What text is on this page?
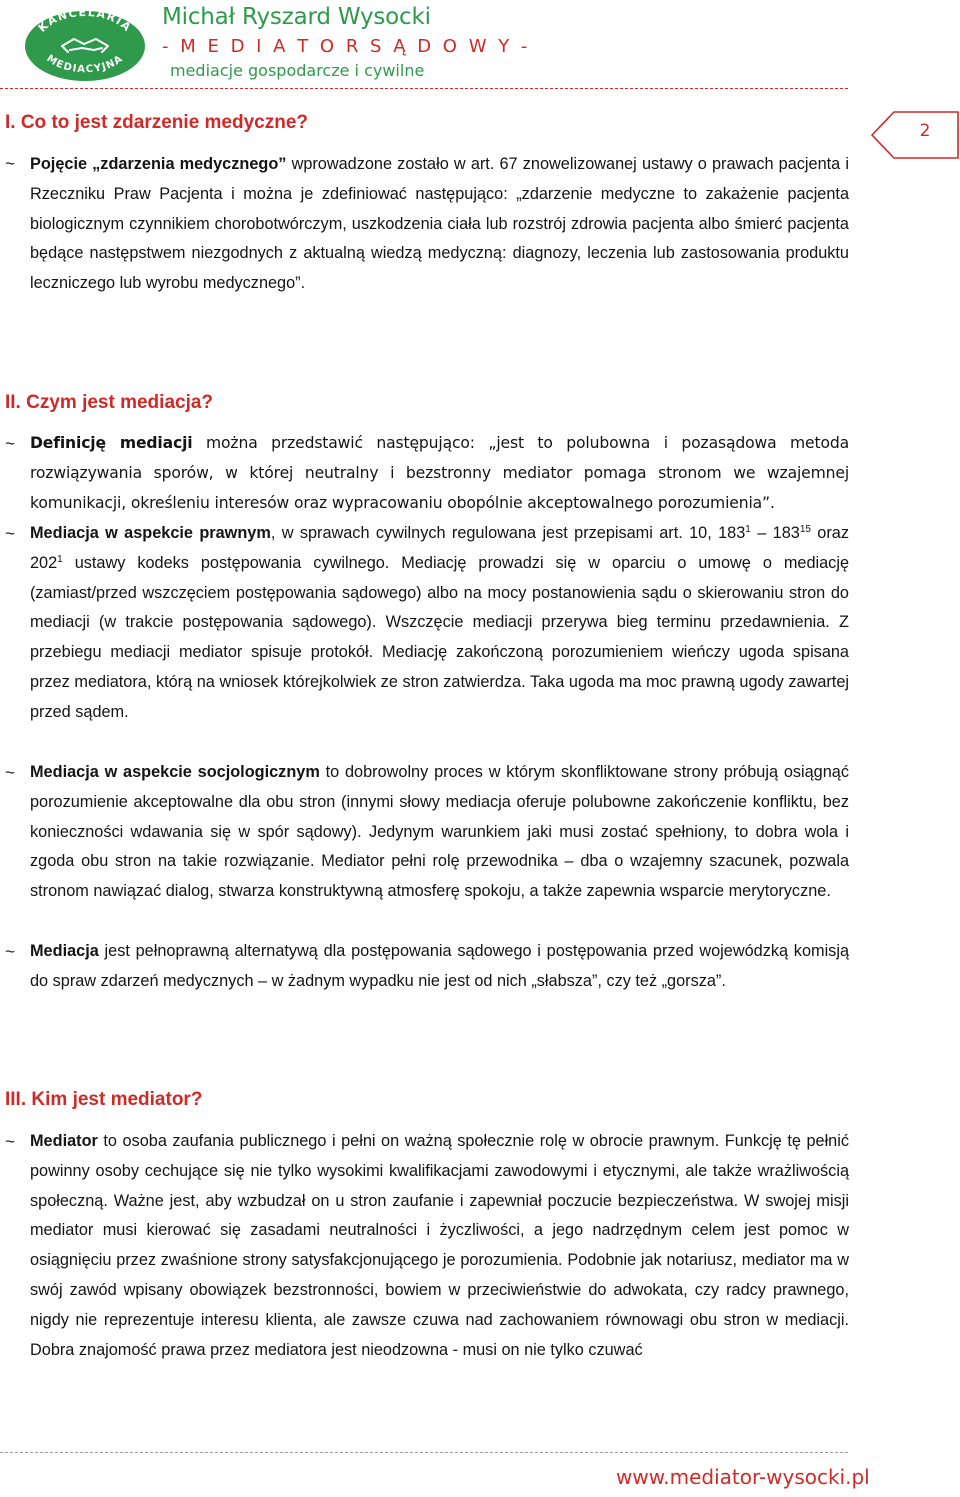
KANCELARIA
MEDIACYJNA
Michał Ryszard Wysocki
- M E D I A T O R S Ą D O W Y -
mediacje gospodarcze i cywilne
2
I. Co to jest zdarzenie medyczne?
~ Pojęcie „zdarzenia medycznego” wprowadzone zostało w art. 67 znowelizowanej ustawy o prawach pacjenta i Rzeczniku Praw Pacjenta i można je zdefiniować następująco: „zdarzenie medyczne to zakażenie pacjenta biologicznym czynnikiem chorobotwórczym, uszkodzenia ciała lub rozstrój zdrowia pacjenta albo śmierć pacjenta będące następstwem niezgodnych z aktualną wiedzą medyczną: diagnozy, leczenia lub zastosowania produktu leczniczego lub wyrobu medycznego”.
II. Czym jest mediacja?
~ Definicję mediacji można przedstawić następująco: „jest to polubowna i pozasądowa metoda rozwiązywania sporów, w której neutralny i bezstronny mediator pomaga stronom we wzajemnej komunikacji, określeniu interesów oraz wypracowaniu obopólnie akceptowalnego porozumienia”.
~ Mediacja w aspekcie prawnym, w sprawach cywilnych regulowana jest przepisami art. 10, $183^1 - 183^{15}$ oraz $202^1$ ustawy kodeks postępowania cywilnego. Mediację prowadzi się w oparciu o umowę o mediację (zamiast/przed wszczęciem postępowania sądowego) albo na mocy postanowienia sądu o skierowaniu stron do mediacji (w trakcie postępowania sądowego). Wszczęcie mediacji przerywa bieg terminu przedawnienia. Z przebiegu mediacji mediator spisuje protokół. Mediację zakończoną porozumieniem wieńczy ugoda spisana przez mediatora, którą na wniosek którejkolwiek ze stron zatwierdza. Taka ugoda ma moc prawną ugody zawartej przed sądem.
~ Mediacja w aspekcie socjologicznym to dobrowolny proces w którym skonfliktowane strony próbują osiągnąć porozumienie akceptowalne dla obu stron (innymi słowy mediacja oferuje polubowne zakończenie konfliktu, bez konieczności wdawania się w spór sądowy). Jedynym warunkiem jaki musi zostać spełniony, to dobra wola i zgoda obu stron na takie rozwiązanie. Mediator pełni rolę przewodnika – dba o wzajemny szacunek, pozwala stronom nawiązać dialog, stwarza konstruktywną atmosferę spokoju, a także zapewnia wsparcie merytoryczne.
~ Mediacja jest pełnoprawną alternatywą dla postępowania sądowego i postępowania przed wojewódzką komisją do spraw zdarzeń medycznych – w żadnym wypadku nie jest od nich „słabsza”, czy też „gorsza”.
III. Kim jest mediator?
~ Mediator to osoba zaufania publicznego i pełni on ważną społecznie rolę w obrocie prawnym. Funkcję tę pełnić powinny osoby cechujące się nie tylko wysokimi kwalifikacjami zawodowymi i etycznymi, ale także wrażliwością społeczną. Ważne jest, aby wzbudzał on u stron zaufanie i zapewniał poczucie bezpieczeństwa. W swojej misji mediator musi kierować się zasadami neutralności i życzliwości, a jego nadrzędnym celem jest pomoc w osiągnięciu przez zwaśnione strony satysfakcjonującego je porozumienia. Podobnie jak notariusz, mediator ma w swój zawód wpisany obowiązek bezstronności, bowiem w przeciwieństwie do adwokata, czy radcy prawnego, nigdy nie reprezentuje interesu klienta, ale zawsze czuwa nad zachowaniem równowagi obu stron w mediacji. Dobra znajomość prawa przez mediatora jest nieodzowna - musi on nie tylko czuwać
www.mediator-wysocki.pl
